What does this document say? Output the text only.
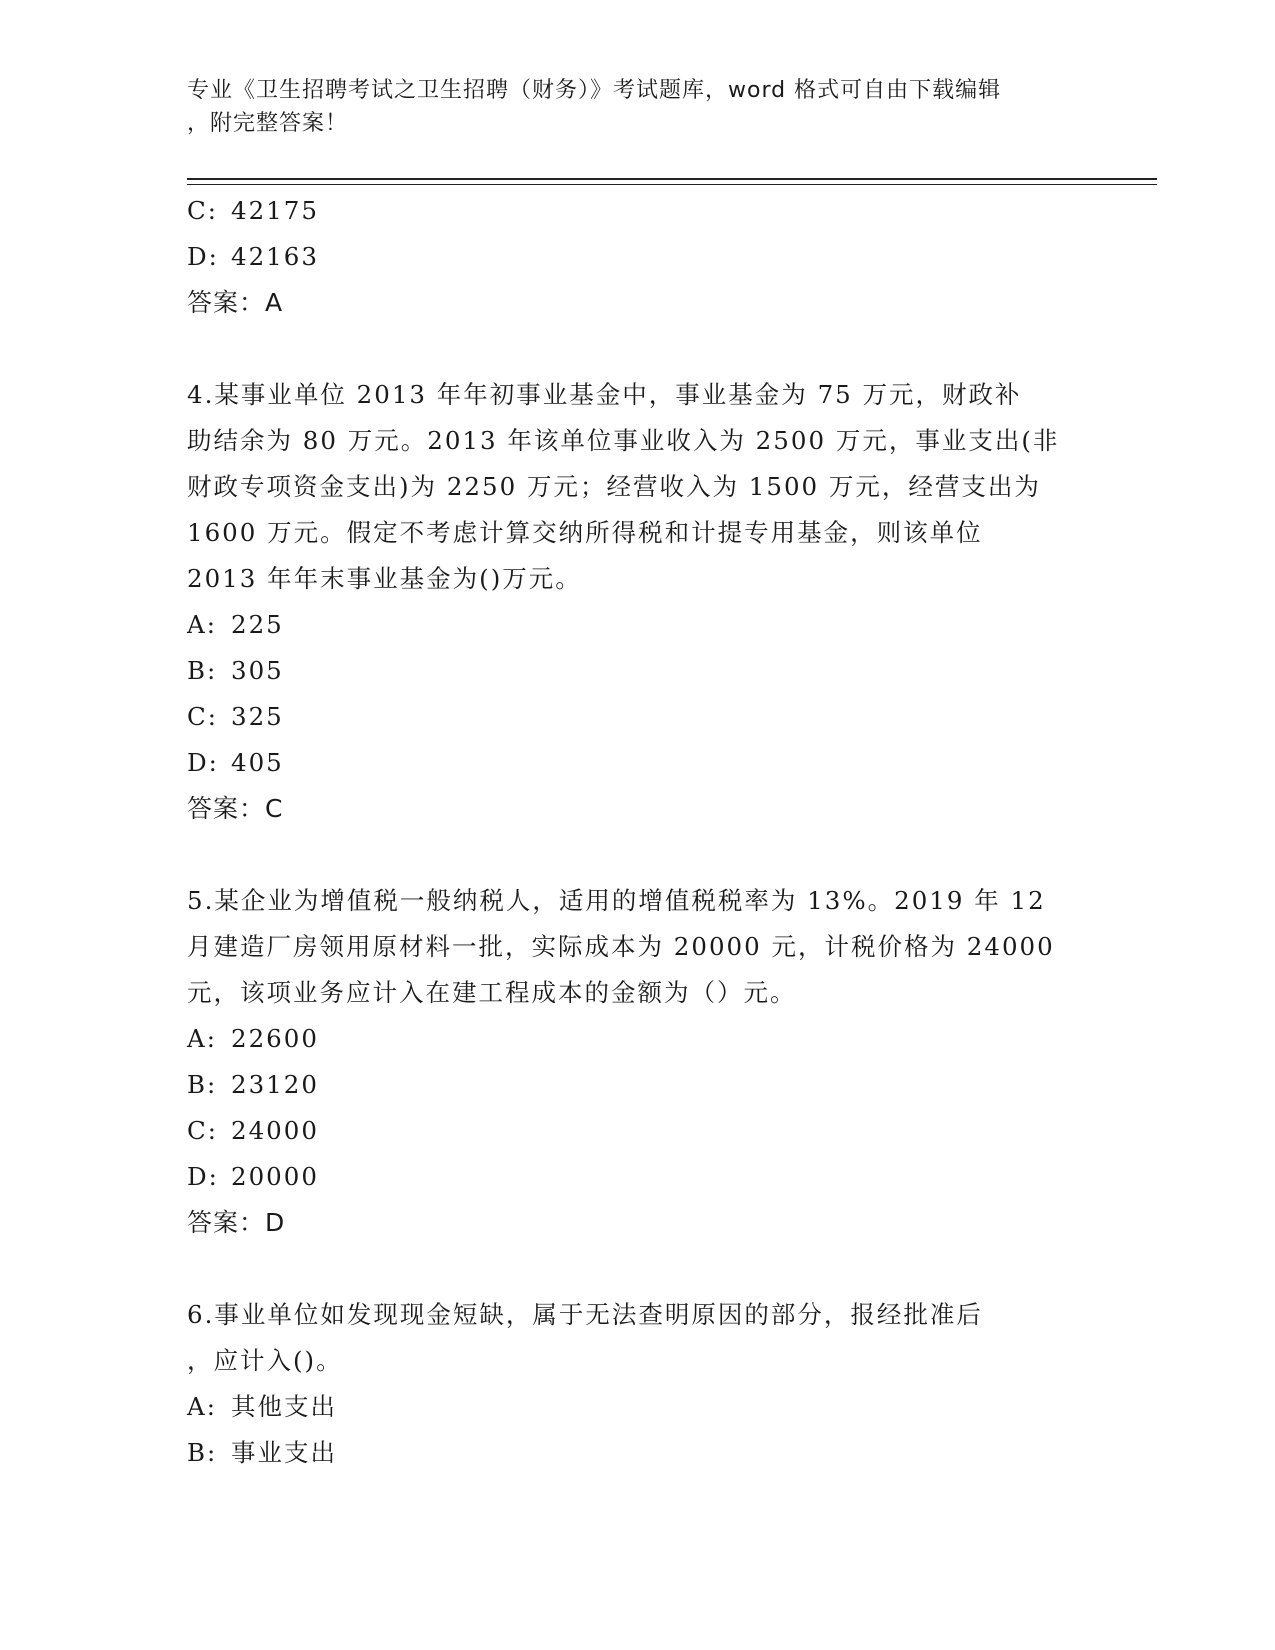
专业《卫生招聘考试之卫生招聘（财务）》考试题库，word 格式可自由下载编辑
，附完整答案！
C: 42175
D: 42163
答案：A
4.某事业单位 2013 年年初事业基金中，事业基金为 75 万元，财政补
助结余为 80 万元。2013 年该单位事业收入为 2500 万元，事业支出(非
财政专项资金支出)为 2250 万元；经营收入为 1500 万元，经营支出为
1600 万元。假定不考虑计算交纳所得税和计提专用基金，则该单位
2013 年年末事业基金为()万元。
A: 225
B: 305
C: 325
D: 405
答案：C
5.某企业为增值税一般纳税人，适用的增值税税率为 13%。2019 年 12
月建造厂房领用原材料一批，实际成本为 20000 元，计税价格为 24000
元，该项业务应计入在建工程成本的金额为（）元。
A: 22600
B: 23120
C: 24000
D: 20000
答案：D
6.事业单位如发现现金短缺，属于无法查明原因的部分，报经批准后
，应计入()。
A: 其他支出
B: 事业支出
